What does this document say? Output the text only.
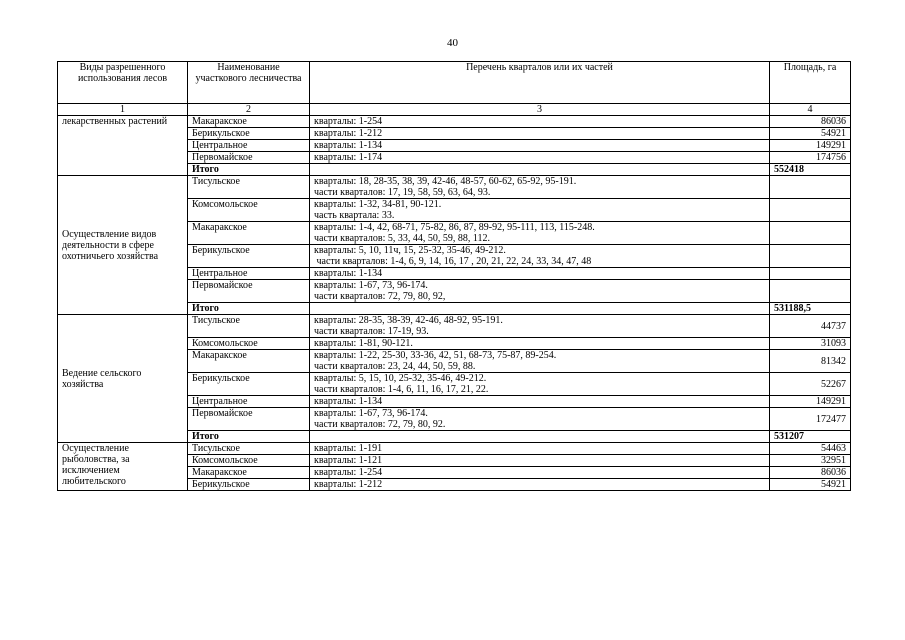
40
Виды разрешенного использования лесов	Наименование участкового лесничества	Перечень кварталов или их частей	Площадь, га
1	2	3	4
лекарственных растений	Макаракское	кварталы: 1-254	86036
	Берикульское	кварталы: 1-212	54921
	Центральное	кварталы: 1-134	149291
	Первомайское	кварталы: 1-174	174756
	Итого		552418
Осуществление видов деятельности в сфере охотничьего хозяйства	Тисульское	кварталы: 18, 28-35, 38, 39, 42-46, 48-57, 60-62, 65-92, 95-191.
части кварталов: 17, 19, 58, 59, 63, 64, 93.	

	Комсомольское	кварталы: 1-32, 34-81, 90-121.
часть квартала: 33.	

	Макаракское	кварталы: 1-4, 42, 68-71, 75-82, 86, 87, 89-92, 95-111, 113, 115-248.
части кварталов: 5, 33, 44, 50, 59, 88, 112.	

	Берикульское	кварталы: 5, 10, 11ч, 15, 25-32, 35-46, 49-212.
части кварталов: 1-4, 6, 9, 14, 16, 17 , 20, 21, 22, 24, 33, 34, 47, 48	

	Центральное	кварталы: 1-134	

	Первомайское	кварталы: 1-67, 73, 96-174.
части кварталов: 72, 79, 80, 92,	

	Итого		531188,5
Ведение сельского хозяйства	Тисульское	кварталы: 28-35, 38-39, 42-46, 48-92, 95-191.
части кварталов: 17-19, 93.	44737
	Комсомольское	кварталы: 1-81, 90-121.	31093
	Макаракское	кварталы: 1-22, 25-30, 33-36, 42, 51, 68-73, 75-87, 89-254.
части кварталов: 23, 24, 44, 50, 59, 88.	81342
	Берикульское	кварталы: 5, 15, 10, 25-32, 35-46, 49-212.
части кварталов: 1-4, 6, 11, 16, 17, 21, 22.	52267
	Центральное	кварталы: 1-134	149291
	Первомайское	кварталы: 1-67, 73, 96-174.
части кварталов: 72, 79, 80, 92.	172477
	Итого		531207
Осуществление рыболовства, за исключением любительского	Тисульское	кварталы: 1-191	54463
	Комсомольское	кварталы: 1-121	32951
	Макаракское	кварталы: 1-254	86036
	Берикульское	кварталы: 1-212	54921
